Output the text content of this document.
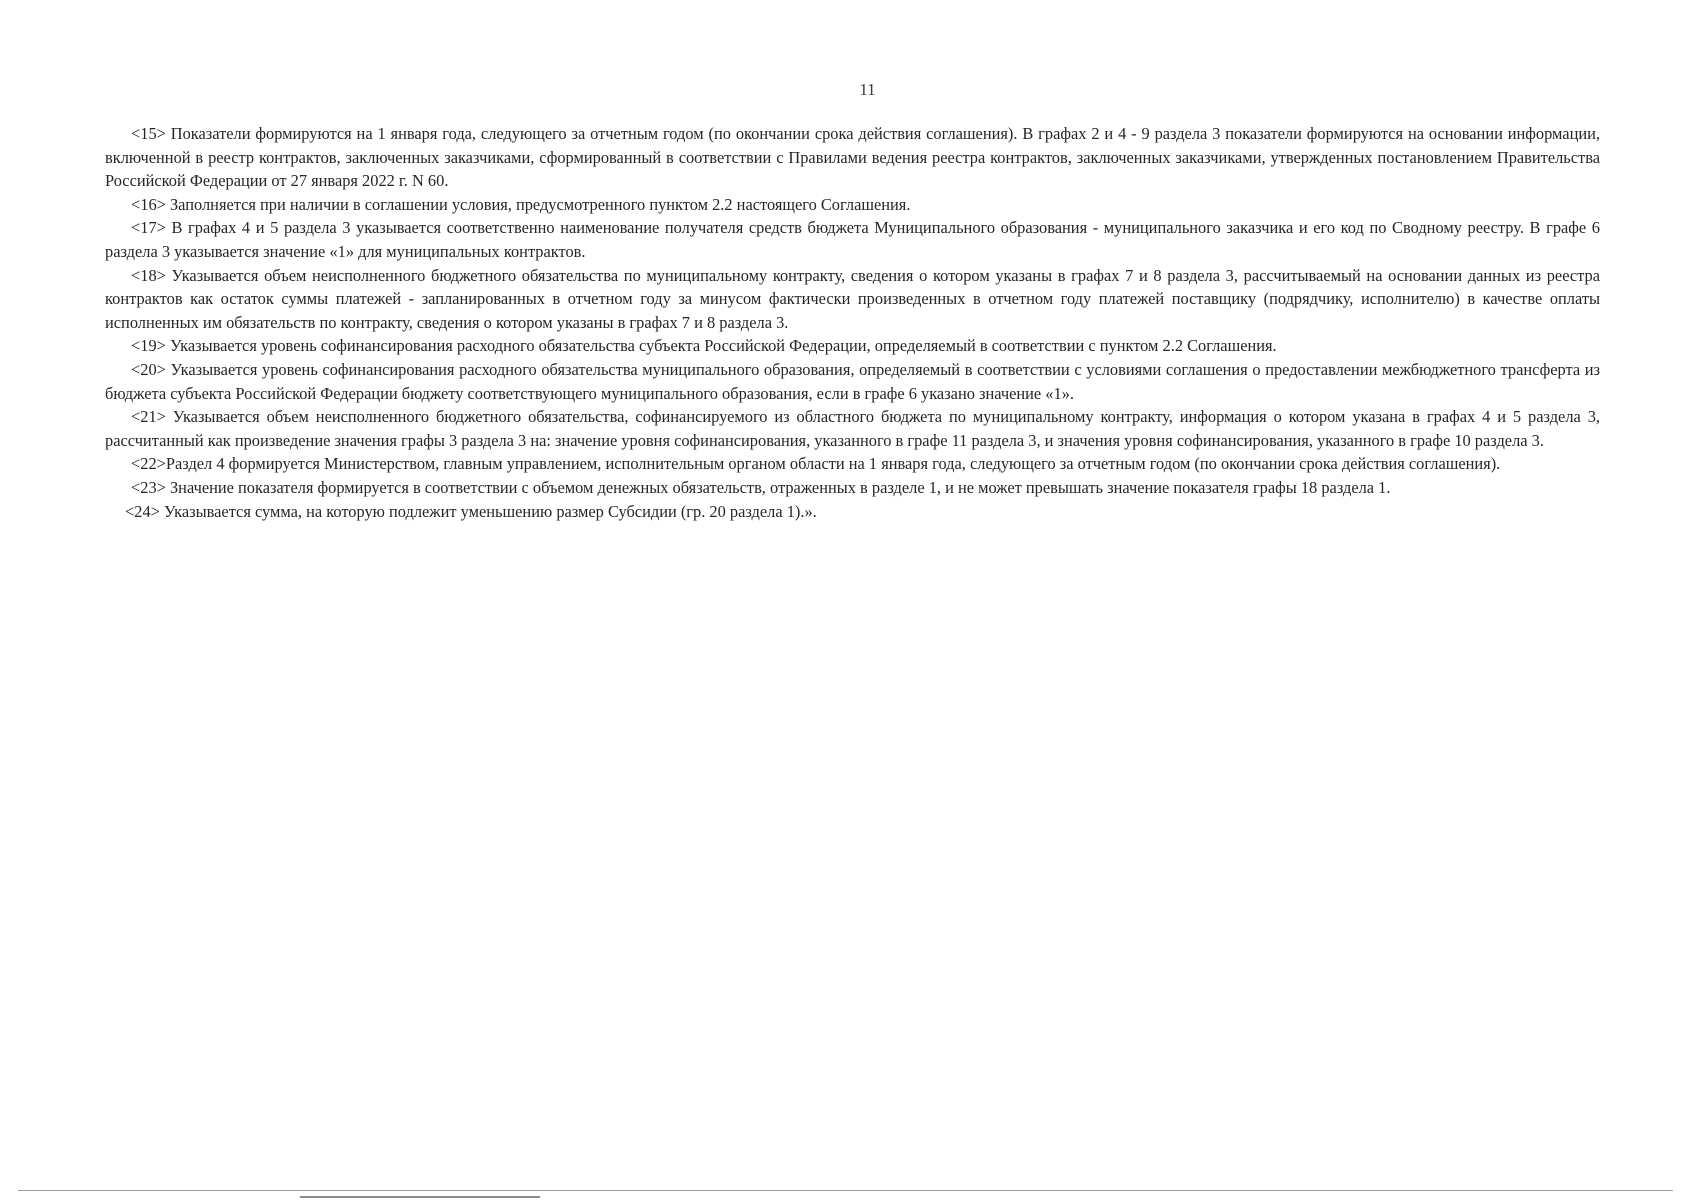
11

<15> Показатели формируются на 1 января года, следующего за отчетным годом (по окончании срока действия соглашения). В графах 2 и 4 - 9 раздела 3 показатели формируются на основании информации, включенной в реестр контрактов, заключенных заказчиками, сформированный в соответствии с Правилами ведения реестра контрактов, заключенных заказчиками, утвержденных постановлением Правительства Российской Федерации от 27 января 2022 г. N 60.

<16> Заполняется при наличии в соглашении условия, предусмотренного пунктом 2.2 настоящего Соглашения.

<17> В графах 4 и 5 раздела 3 указывается соответственно наименование получателя средств бюджета Муниципального образования - муниципального заказчика и его код по Сводному реестру. В графе 6 раздела 3 указывается значение «1» для муниципальных контрактов.

<18> Указывается объем неисполненного бюджетного обязательства по муниципальному контракту, сведения о котором указаны в графах 7 и 8 раздела 3, рассчитываемый на основании данных из реестра контрактов как остаток суммы платежей - запланированных в отчетном году за минусом фактически произведенных в отчетном году платежей поставщику (подрядчику, исполнителю) в качестве оплаты исполненных им обязательств по контракту, сведения о котором указаны в графах 7 и 8 раздела 3.

<19> Указывается уровень софинансирования расходного обязательства субъекта Российской Федерации, определяемый в соответствии с пунктом 2.2 Соглашения.

<20> Указывается уровень софинансирования расходного обязательства муниципального образования, определяемый в соответствии с условиями соглашения о предоставлении межбюджетного трансферта из бюджета субъекта Российской Федерации бюджету соответствующего муниципального образования, если в графе 6 указано значение «1».

<21> Указывается объем неисполненного бюджетного обязательства, софинансируемого из областного бюджета по муниципальному контракту, информация о котором указана в графах 4 и 5 раздела 3, рассчитанный как произведение значения графы 3 раздела 3 на: значение уровня софинансирования, указанного в графе 11 раздела 3, и значения уровня софинансирования, указанного в графе 10 раздела 3.

<22>Раздел 4 формируется Министерством, главным управлением, исполнительным органом области на 1 января года, следующего за отчетным годом (по окончании срока действия соглашения).

<23> Значение показателя формируется в соответствии с объемом денежных обязательств, отраженных в разделе 1, и не может превышать значение показателя графы 18 раздела 1.

<24> Указывается сумма, на которую подлежит уменьшению размер Субсидии (гр. 20 раздела 1).».
